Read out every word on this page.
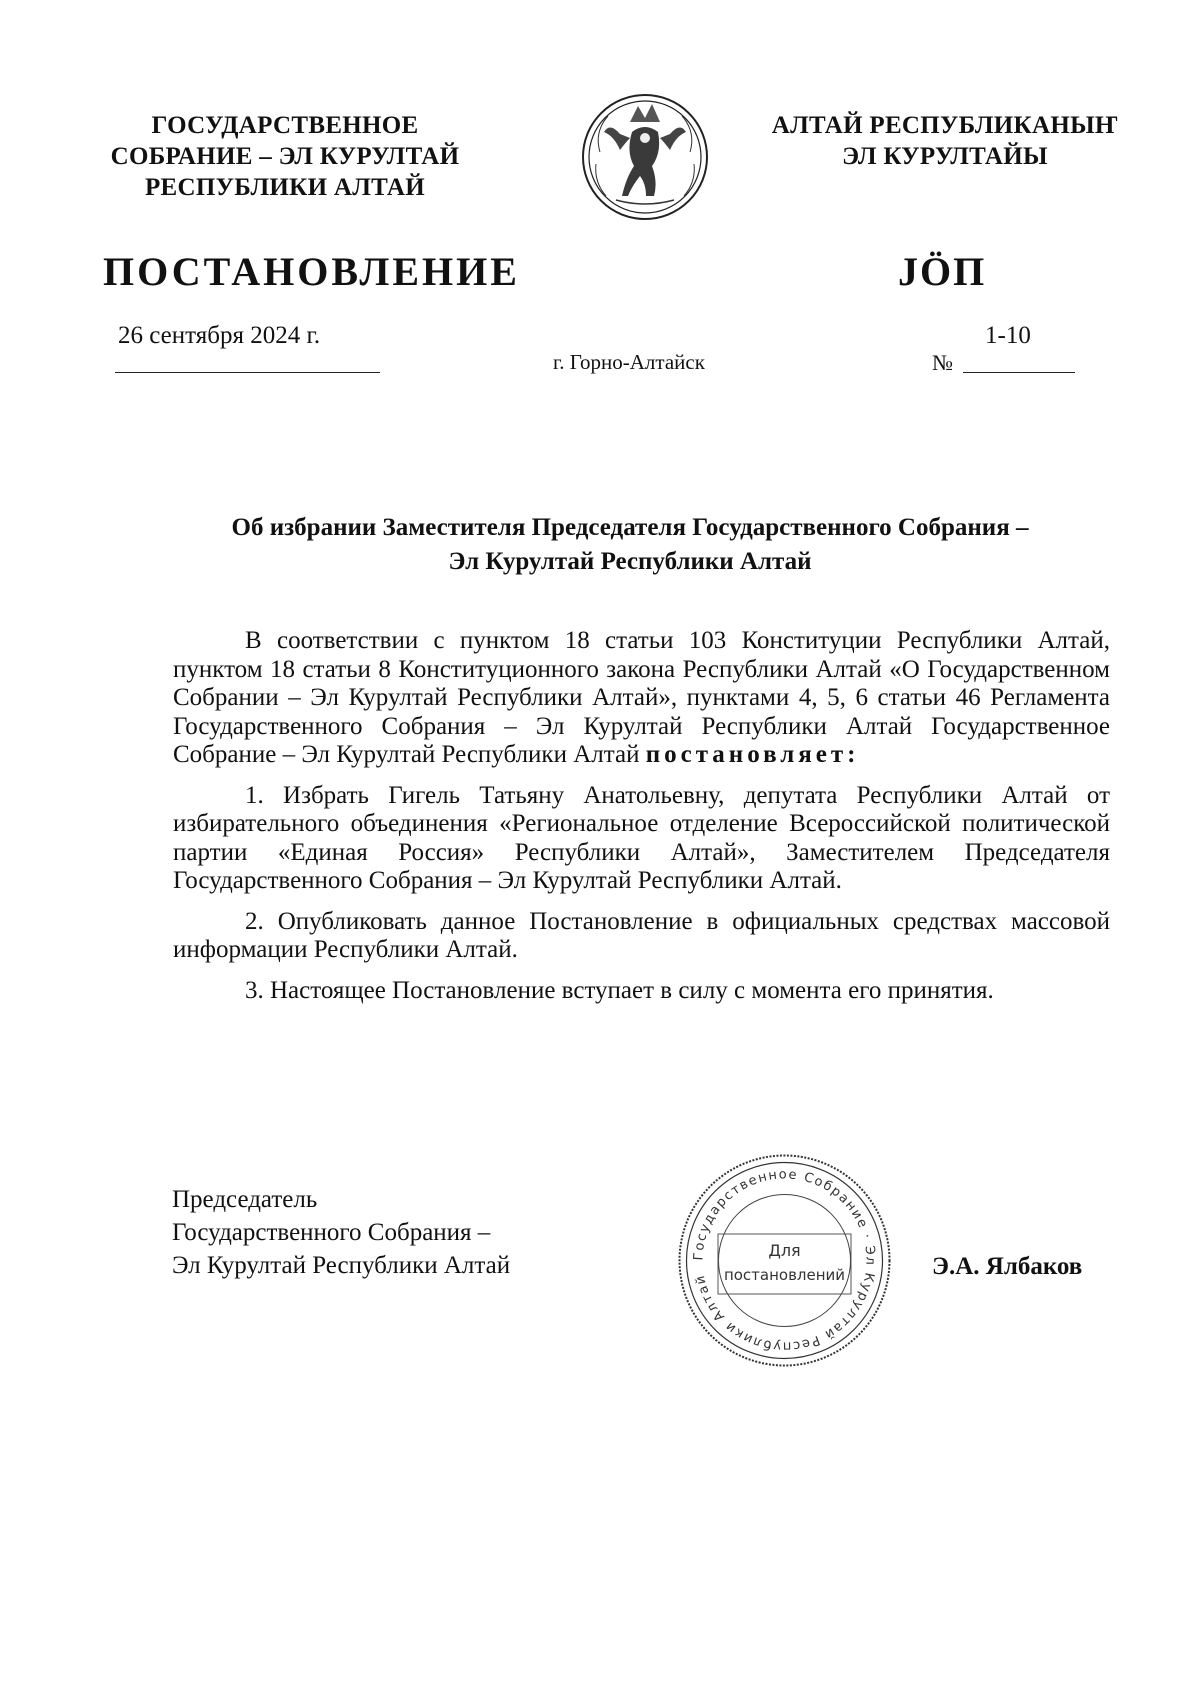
ГОСУДАРСТВЕННОЕ
СОБРАНИЕ – ЭЛ КУРУЛТАЙ
РЕСПУБЛИКИ АЛТАЙ
АЛТАЙ РЕСПУБЛИКАНЫҤ
ЭЛ КУРУЛТАЙЫ
ПОСТАНОВЛЕНИЕ	JÖП
26 сентября 2024 г.
г. Горно-Алтайск
1-10
№
Об избрании Заместителя Председателя Государственного Собрания –
Эл Курултай Республики Алтай

В соответствии с пунктом 18 статьи 103 Конституции Республики Алтай, пунктом 18 статьи 8 Конституционного закона Республики Алтай «О Государственном Собрании – Эл Курултай Республики Алтай», пунктами 4, 5, 6 статьи 46 Регламента Государственного Собрания – Эл Курултай Республики Алтай Государственное Собрание – Эл Курултай Республики Алтай постановляет:

1. Избрать Гигель Татьяну Анатольевну, депутата Республики Алтай от избирательного объединения «Региональное отделение Всероссийской политической партии «Единая Россия» Республики Алтай», Заместителем Председателя Государственного Собрания – Эл Курултай Республики Алтай.

2. Опубликовать данное Постановление в официальных средствах массовой информации Республики Алтай.

3. Настоящее Постановление вступает в силу с момента его принятия.

Председатель
Государственного Собрания –
Эл Курултай Республики Алтай	Государственное Собрание · Эл Курултай Республики Алтай
Для
постановлений	Э.А. Ялбаков
